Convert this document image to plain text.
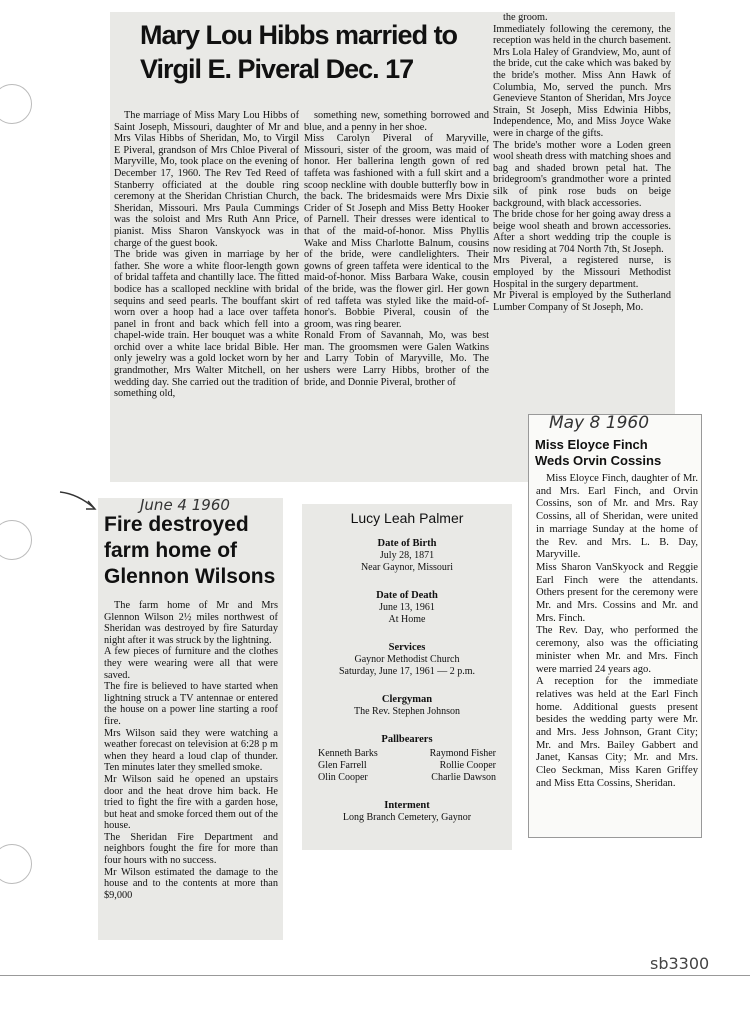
Mary Lou Hibbs married to
Virgil E. Piveral Dec. 17

The marriage of Miss Mary Lou Hibbs of Saint Joseph, Missouri, daughter of Mr and Mrs Vilas Hibbs of Sheridan, Mo, to Virgil E Piveral, grandson of Mrs Chloe Piveral of Maryville, Mo, took place on the evening of December 17, 1960. The Rev Ted Reed of Stanberry officiated at the double ring ceremony at the Sheridan Christian Church, Sheridan, Missouri. Mrs Paula Cummings was the soloist and Mrs Ruth Ann Price, pianist. Miss Sharon Vanskyock was in charge of the guest book.
The bride was given in marriage by her father. She wore a white floor-length gown of bridal taffeta and chantilly lace. The fitted bodice has a scalloped neckline with bridal sequins and seed pearls. The bouffant skirt worn over a hoop had a lace over taffeta panel in front and back which fell into a chapel-wide train. Her bouquet was a white orchid over a white lace bridal Bible. Her only jewelry was a gold locket worn by her grandmother, Mrs Walter Mitchell, on her wedding day. She carried out the tradition of something old,

something new, something borrowed and blue, and a penny in her shoe.
Miss Carolyn Piveral of Maryville, Missouri, sister of the groom, was maid of honor. Her ballerina length gown of red taffeta was fashioned with a full skirt and a scoop neckline with double butterfly bow in the back. The bridesmaids were Mrs Dixie Crider of St Joseph and Miss Betty Hooker of Parnell. Their dresses were identical to that of the maid-of-honor. Miss Phyllis Wake and Miss Charlotte Balnum, cousins of the bride, were candlelighters. Their gowns of green taffeta were identical to the maid-of-honor. Miss Barbara Wake, cousin of the bride, was the flower girl. Her gown of red taffeta was styled like the maid-of-honor's. Bobbie Piveral, cousin of the groom, was ring bearer.
Ronald From of Savannah, Mo, was best man. The groomsmen were Galen Watkins and Larry Tobin of Maryville, Mo. The ushers were Larry Hibbs, brother of the bride, and Donnie Piveral, brother of

the groom.
Immediately following the ceremony, the reception was held in the church basement. Mrs Lola Haley of Grandview, Mo, aunt of the bride, cut the cake which was baked by the bride's mother. Miss Ann Hawk of Columbia, Mo, served the punch. Mrs Genevieve Stanton of Sheridan, Mrs Joyce Strain, St Joseph, Miss Edwinia Hibbs, Independence, Mo, and Miss Joyce Wake were in charge of the gifts.
The bride's mother wore a Loden green wool sheath dress with matching shoes and bag and shaded brown petal hat. The bridegroom's grandmother wore a printed silk of pink rose buds on beige background, with black accessories.
The bride chose for her going away dress a beige wool sheath and brown accessories. After a short wedding trip the couple is now residing at 704 North 7th, St Joseph.
Mrs Piveral, a registered nurse, is employed by the Missouri Methodist Hospital in the surgery department.
Mr Piveral is employed by the Sutherland Lumber Company of St Joseph, Mo.

June 4 1960
Fire destroyed
farm home of
Glennon Wilsons

The farm home of Mr and Mrs Glennon Wilson 2½ miles northwest of Sheridan was destroyed by fire Saturday night after it was struck by the lightning.
A few pieces of furniture and the clothes they were wearing were all that were saved.
The fire is believed to have started when lightning struck a TV antennae or entered the house on a power line starting a roof fire.
Mrs Wilson said they were watching a weather forecast on television at 6:28 p m when they heard a loud clap of thunder. Ten minutes later they smelled smoke.
Mr Wilson said he opened an upstairs door and the heat drove him back. He tried to fight the fire with a garden hose, but heat and smoke forced them out of the house.
The Sheridan Fire Department and neighbors fought the fire for more than four hours with no success.
Mr Wilson estimated the damage to the house and to the contents at more than $9,000

Lucy Leah Palmer
Date of Birth
July 28, 1871
Near Gaynor, Missouri
Date of Death
June 13, 1961
At Home
Services
Gaynor Methodist Church
Saturday, June 17, 1961 — 2 p.m.
Clergyman
The Rev. Stephen Johnson
Pallbearers
Kenneth Barks	Raymond Fisher
Glen Farrell	Rollie Cooper
Olin Cooper	Charlie Dawson
Interment
Long Branch Cemetery, Gaynor
May 8 1960
Miss Eloyce Finch
Weds Orvin Cossins

Miss Eloyce Finch, daughter of Mr. and Mrs. Earl Finch, and Orvin Cossins, son of Mr. and Mrs. Ray Cossins, all of Sheridan, were united in marriage Sunday at the home of the Rev. and Mrs. L. B. Day, Maryville.
Miss Sharon VanSkyock and Reggie Earl Finch were the attendants. Others present for the ceremony were Mr. and Mrs. Cossins and Mr. and Mrs. Finch.
The Rev. Day, who performed the ceremony, also was the officiating minister when Mr. and Mrs. Finch were married 24 years ago.
A reception for the immediate relatives was held at the Earl Finch home. Additional guests present besides the wedding party were Mr. and Mrs. Jess Johnson, Grant City; Mr. and Mrs. Bailey Gabbert and Janet, Kansas City; Mr. and Mrs. Cleo Seckman, Miss Karen Griffey and Miss Etta Cossins, Sheridan.

sb3300
